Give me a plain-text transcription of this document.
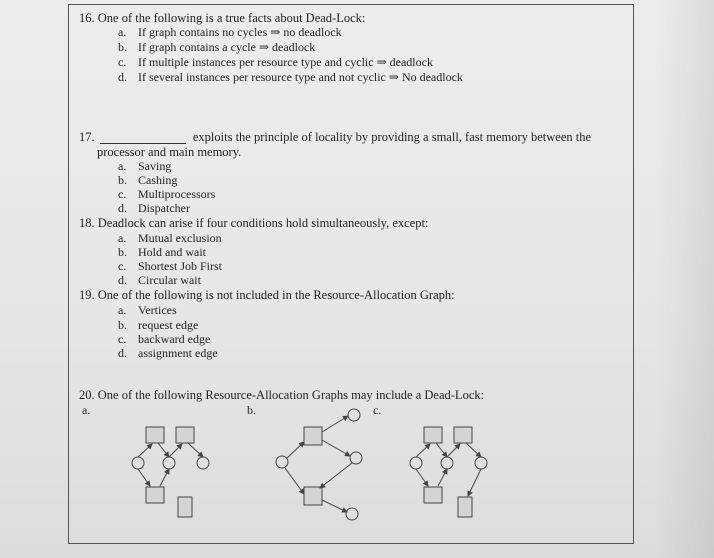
16. One of the following is a true facts about Dead-Lock:
a. If graph contains no cycles ⇒ no deadlock
b. If graph contains a cycle ⇒ deadlock
c. If multiple instances per resource type and cyclic ⇒ deadlock
d. If several instances per resource type and not cyclic ⇒ No deadlock
17.	exploits the principle of locality by providing a small, fast memory between the
processor and main memory.
a. Saving
b. Cashing
c. Multiprocessors
d. Dispatcher
18. Deadlock can arise if four conditions hold simultaneously, except:
a. Mutual exclusion
b. Hold and wait
c. Shortest Job First
d. Circular wait
19. One of the following is not included in the Resource-Allocation Graph:
a. Vertices
b. request edge
c. backward edge
d. assignment edge
20. One of the following Resource-Allocation Graphs may include a Dead-Lock:
a.	b.	c.
